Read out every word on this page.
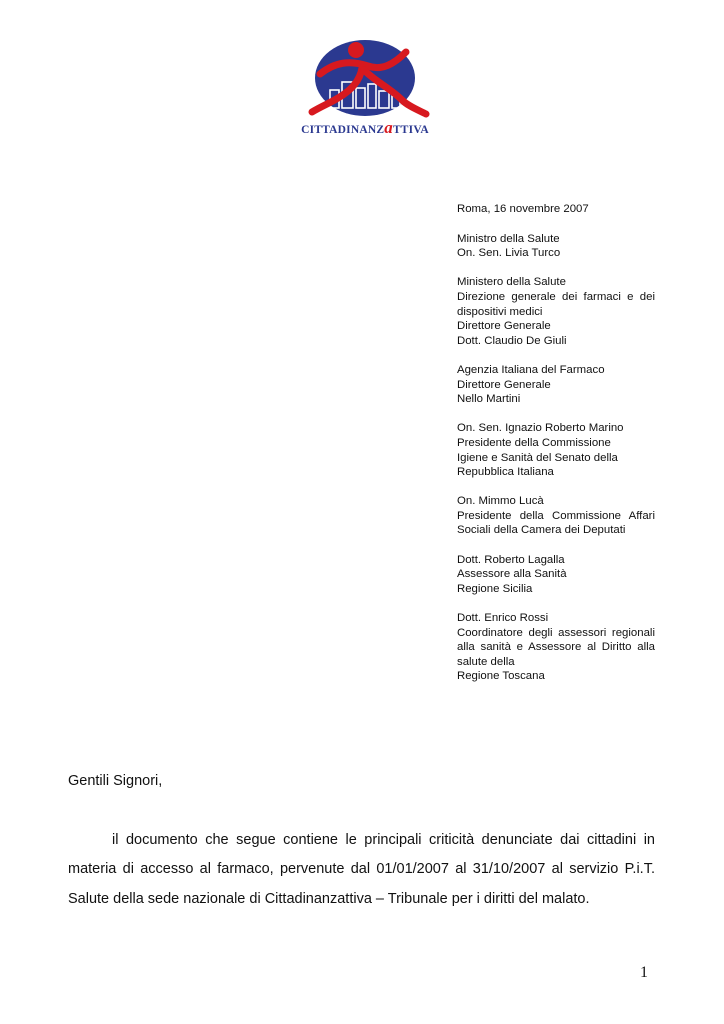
CITTADINANZaTTIVA
Roma, 16 novembre 2007
Ministro della Salute
On. Sen. Livia Turco
Ministero della Salute
Direzione generale dei farmaci e dei
dispositivi medici
Direttore Generale
Dott. Claudio De Giuli
Agenzia Italiana del Farmaco
Direttore Generale
Nello Martini
On. Sen. Ignazio Roberto Marino
Presidente della Commissione
Igiene e Sanità del Senato della
Repubblica Italiana
On. Mimmo Lucà
Presidente della Commissione Affari
Sociali della Camera dei Deputati
Dott. Roberto Lagalla
Assessore alla Sanità
Regione Sicilia
Dott. Enrico Rossi
Coordinatore degli assessori regionali
alla sanità e Assessore al Diritto alla
salute della
Regione Toscana
Gentili Signori,
il documento che segue contiene le principali criticità denunciate dai cittadini in
materia di accesso al farmaco, pervenute dal 01/01/2007 al 31/10/2007 al servizio P.i.T.
Salute della sede nazionale di Cittadinanzattiva – Tribunale per i diritti del malato.
1
